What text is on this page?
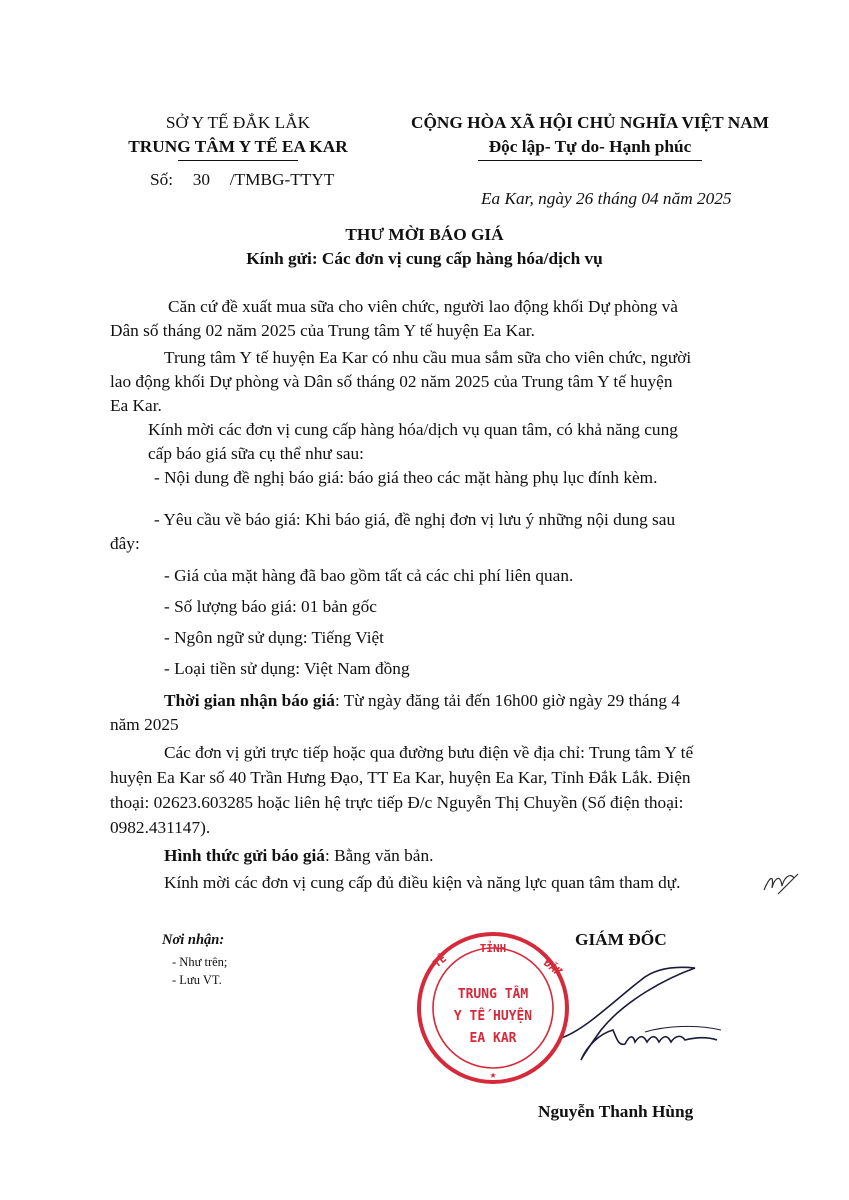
SỞ Y TẾ ĐẮK LẮK
TRUNG TÂM Y TẾ EA KAR
Số: 30 /TMBG-TTYT
CỘNG HÒA XÃ HỘI CHỦ NGHĨA VIỆT NAM
Độc lập- Tự do- Hạnh phúc
Ea Kar, ngày 26 tháng 04 năm 2025
THƯ MỜI BÁO GIÁ
Kính gửi: Các đơn vị cung cấp hàng hóa/dịch vụ
Căn cứ đề xuất mua sữa cho viên chức, người lao động khối Dự phòng và
Dân số tháng 02 năm 2025 của Trung tâm Y tế huyện Ea Kar.
Trung tâm Y tế huyện Ea Kar có nhu cầu mua sắm sữa cho viên chức, người
lao động khối Dự phòng và Dân số tháng 02 năm 2025 của Trung tâm Y tế huyện
Ea Kar.
Kính mời các đơn vị cung cấp hàng hóa/dịch vụ quan tâm, có khả năng cung
cấp báo giá sữa cụ thể như sau:
- Nội dung đề nghị báo giá: báo giá theo các mặt hàng phụ lục đính kèm.
- Yêu cầu về báo giá: Khi báo giá, đề nghị đơn vị lưu ý những nội dung sau
đây:
- Giá của mặt hàng đã bao gồm tất cả các chi phí liên quan.
- Số lượng báo giá: 01 bản gốc
- Ngôn ngữ sử dụng: Tiếng Việt
- Loại tiền sử dụng: Việt Nam đồng
Thời gian nhận báo giá: Từ ngày đăng tải đến 16h00 giờ ngày 29 tháng 4
năm 2025
Các đơn vị gửi trực tiếp hoặc qua đường bưu điện về địa chỉ: Trung tâm Y tế
huyện Ea Kar số 40 Trần Hưng Đạo, TT Ea Kar, huyện Ea Kar, Tỉnh Đắk Lắk. Điện
thoại: 02623.603285 hoặc liên hệ trực tiếp Đ/c Nguyễn Thị Chuyền (Số điện thoại:
0982.431147).
Hình thức gửi báo giá: Bằng văn bản.
Kính mời các đơn vị cung cấp đủ điều kiện và năng lực quan tâm tham dự.
Nơi nhận:
- Như trên;
- Lưu VT.
GIÁM ĐỐC
TỈNH
TẾ	ĐẮK
TRUNG TÂM
Y TẾ HUYỆN
EA KAR
★
Nguyễn Thanh Hùng
